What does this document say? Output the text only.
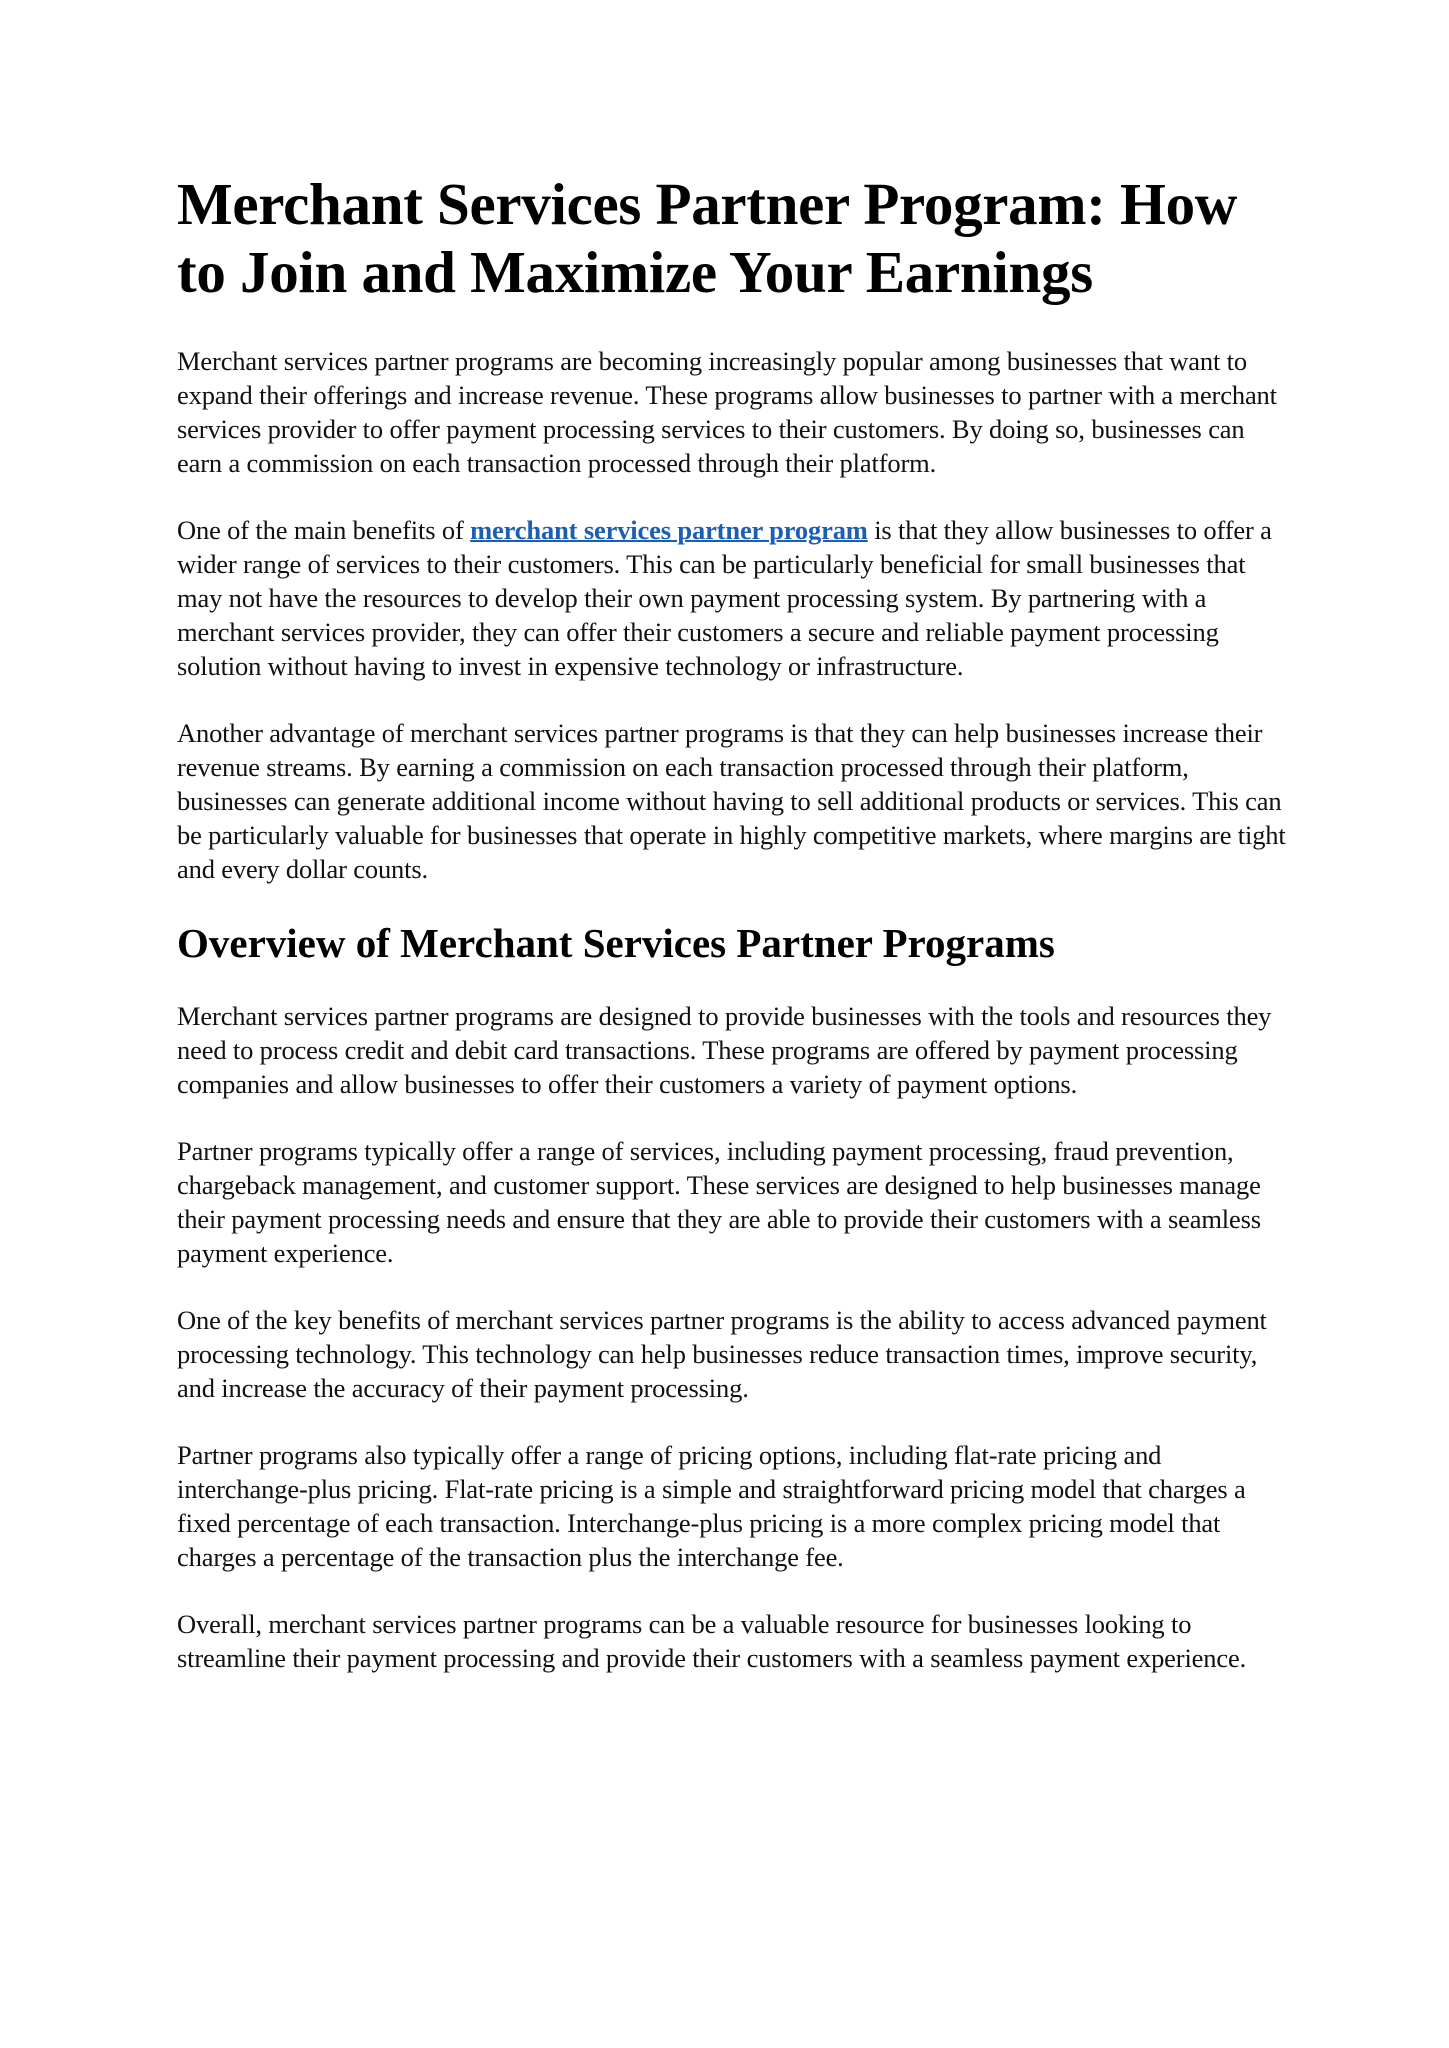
Merchant Services Partner Program: How to Join and Maximize Your Earnings

Merchant services partner programs are becoming increasingly popular among businesses that want to expand their offerings and increase revenue. These programs allow businesses to partner with a merchant services provider to offer payment processing services to their customers. By doing so, businesses can earn a commission on each transaction processed through their platform.

One of the main benefits of merchant services partner program is that they allow businesses to offer a wider range of services to their customers. This can be particularly beneficial for small businesses that may not have the resources to develop their own payment processing system. By partnering with a merchant services provider, they can offer their customers a secure and reliable payment processing solution without having to invest in expensive technology or infrastructure.

Another advantage of merchant services partner programs is that they can help businesses increase their revenue streams. By earning a commission on each transaction processed through their platform, businesses can generate additional income without having to sell additional products or services. This can be particularly valuable for businesses that operate in highly competitive markets, where margins are tight and every dollar counts.

Overview of Merchant Services Partner Programs

Merchant services partner programs are designed to provide businesses with the tools and resources they need to process credit and debit card transactions. These programs are offered by payment processing companies and allow businesses to offer their customers a variety of payment options.

Partner programs typically offer a range of services, including payment processing, fraud prevention, chargeback management, and customer support. These services are designed to help businesses manage their payment processing needs and ensure that they are able to provide their customers with a seamless payment experience.

One of the key benefits of merchant services partner programs is the ability to access advanced payment processing technology. This technology can help businesses reduce transaction times, improve security, and increase the accuracy of their payment processing.

Partner programs also typically offer a range of pricing options, including flat-rate pricing and interchange-plus pricing. Flat-rate pricing is a simple and straightforward pricing model that charges a fixed percentage of each transaction. Interchange-plus pricing is a more complex pricing model that charges a percentage of the transaction plus the interchange fee.

Overall, merchant services partner programs can be a valuable resource for businesses looking to streamline their payment processing and provide their customers with a seamless payment experience.
